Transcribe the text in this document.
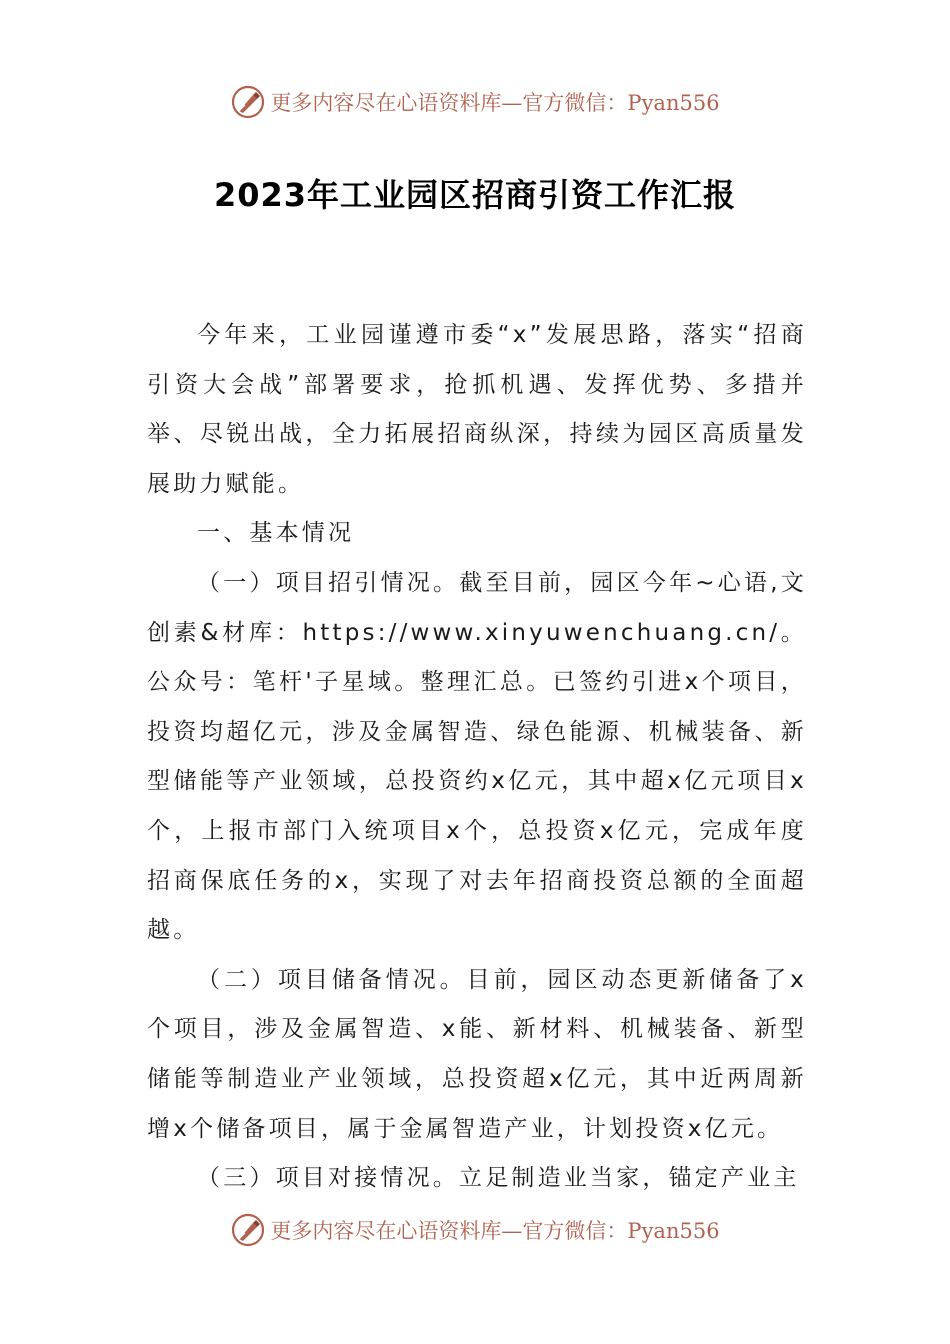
更多内容尽在心语资料库—官方微信：Pyan556
2023年工业园区招商引资工作汇报

今年来，工业园谨遵市委“x”发展思路，落实“招商引资大会战”部署要求，抢抓机遇、发挥优势、多措并举、尽锐出战，全力拓展招商纵深，持续为园区高质量发展助力赋能。

一、基本情况

（一）项目招引情况。截至目前，园区今年~心语,文创素&材库：https://www.xinyuwenchuang.cn/。公众号：笔杆'子星域。整理汇总。已签约引进x个项目，投资均超亿元，涉及金属智造、绿色能源、机械装备、新型储能等产业领域，总投资约x亿元，其中超x亿元项目x个，上报市部门入统项目x个，总投资x亿元，完成年度招商保底任务的x，实现了对去年招商投资总额的全面超越。

（二）项目储备情况。目前，园区动态更新储备了x个项目，涉及金属智造、x能、新材料、机械装备、新型储能等制造业产业领域，总投资超x亿元，其中近两周新增x个储备项目，属于金属智造产业，计划投资x亿元。

（三）项目对接情况。立足制造业当家，锚定产业主

更多内容尽在心语资料库—官方微信：Pyan556
